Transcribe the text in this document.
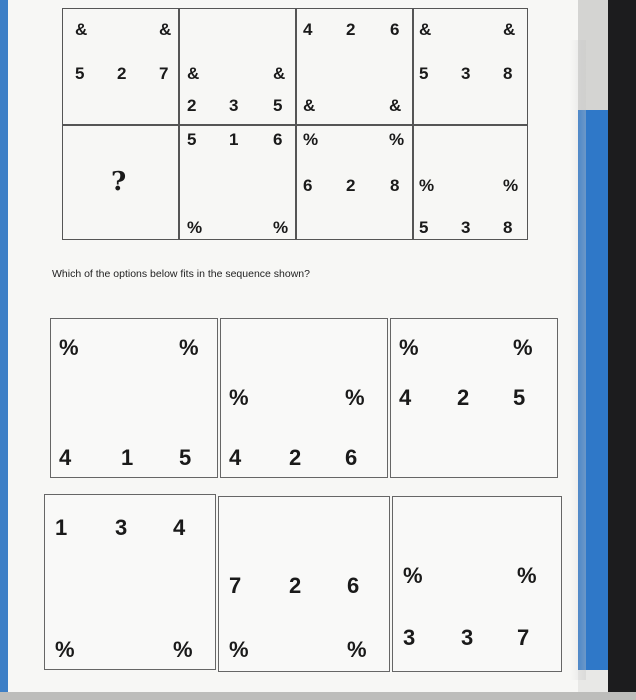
&	&
5 2 7
4 2 6
&
2
5
3
1
&
5
6
&
%
&	&
5 3 8
&
%
?	6 2 8
%	%
%	%
5 3 8
Which of the options below fits in the sequence shown?
%	%
4 1 5
%	%
4 2 6
%	%
4 2 5
1 3 4
%	%
7 2 6
%	%
%	%
3 3 7
